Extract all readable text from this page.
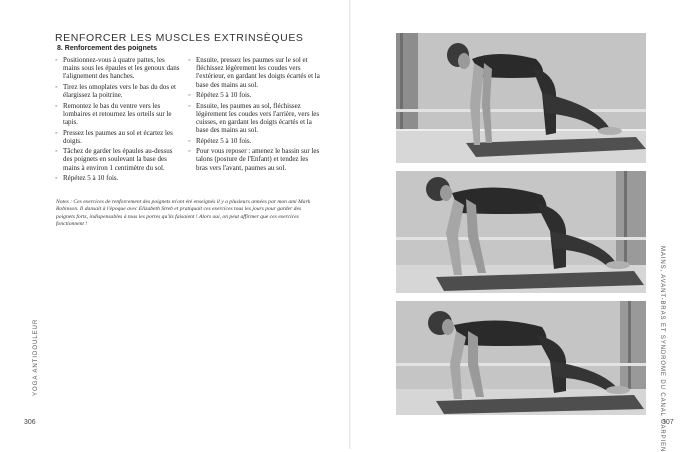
RENFORCER LES MUSCLES EXTRINSÈQUES
8. Renforcement des poignets
◦ Positionnez-vous à quatre pattes, les mains sous les épaules et les genoux dans l'alignement des hanches.
◦ Tirez les omoplates vers le bas du dos et élargissez la poitrine.
◦ Remontez le bas du ventre vers les lombaires et retournez les orteils sur le tapis.
◦ Pressez les paumes au sol et écartez les doigts.
◦ Tâchez de garder les épaules au-dessus des poignets en soulevant la base des mains à environ 1 centimètre du sol.
◦ Répétez 5 à 10 fois.
◦ Ensuite, pressez les paumes sur le sol et fléchissez légèrement les coudes vers l'extérieur, en gardant les doigts écartés et la base des mains au sol.
◦ Répétez 5 à 10 fois.
◦ Ensuite, les paumes au sol, fléchissez légèrement les coudes vers l'arrière, vers les cuisses, en gardant les doigts écartés et la base des mains au sol.
◦ Répétez 5 à 10 fois.
◦ Pour vous reposer : amenez le bassin sur les talons (posture de l'Enfant) et tendez les bras vers l'avant, paumes au sol.
Notes : Ces exercices de renforcement des poignets m'ont été enseignés il y a plusieurs années par mon ami Mark Robinson. Il dansait à l'époque avec Elizabeth Streb et pratiquait ces exercices tous les jours pour garder des poignets forts, indispensables à tous les portes qu'ils faisaient ! Alors oui, on peut affirmer que ces exercices fonctionnent !
YOGA ANTIDOULEUR
306	MAINS, AVANT-BRAS ET SYNDROME DU CANAL CARPIEN
307
